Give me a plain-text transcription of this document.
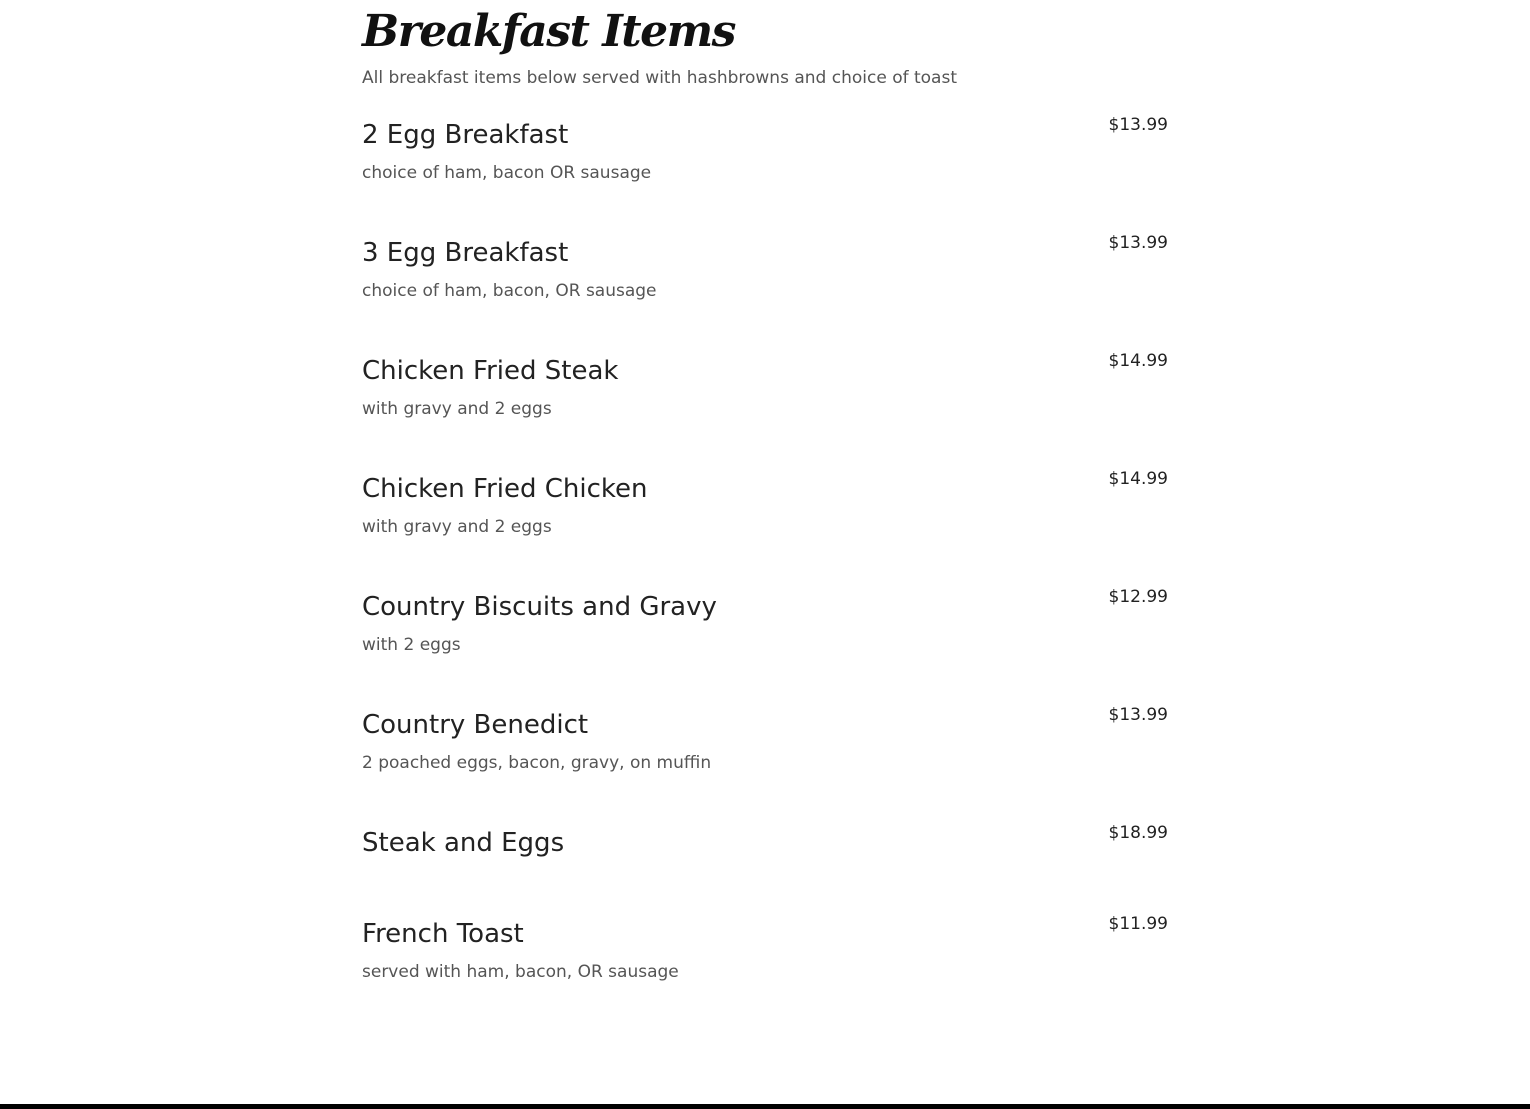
Breakfast Items

All breakfast items below served with hashbrowns and choice of toast

2 Egg Breakfast
choice of ham, bacon OR sausage
$13.99
3 Egg Breakfast
choice of ham, bacon, OR sausage
$13.99
Chicken Fried Steak
with gravy and 2 eggs
$14.99
Chicken Fried Chicken
with gravy and 2 eggs
$14.99
Country Biscuits and Gravy
with 2 eggs
$12.99
Country Benedict
2 poached eggs, bacon, gravy, on muffin
$13.99
Steak and Eggs	$18.99
French Toast
served with ham, bacon, OR sausage
$11.99
